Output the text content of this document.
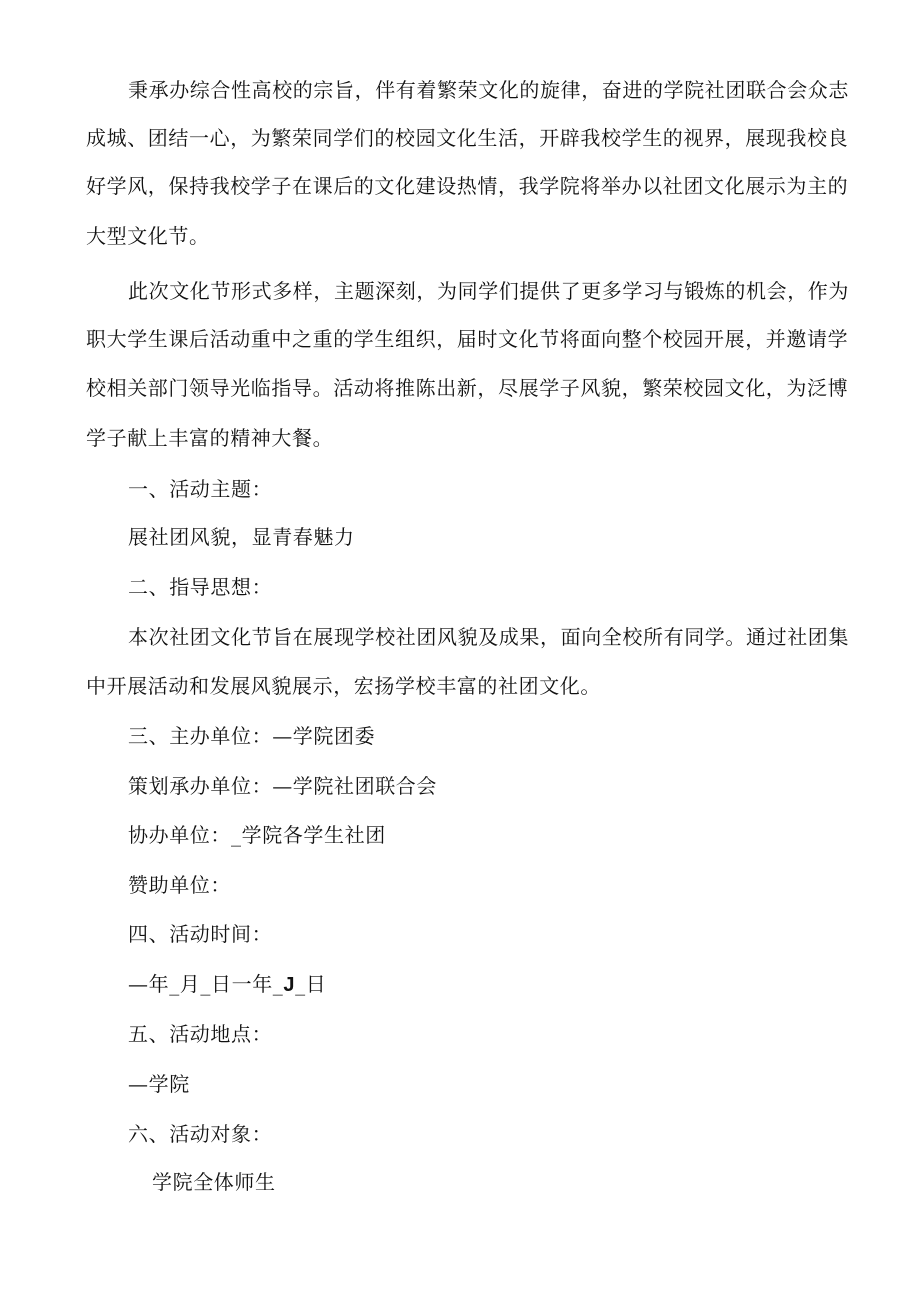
秉承办综合性高校的宗旨，伴有着繁荣文化的旋律，奋进的学院社团联合会众志
成城、团结一心，为繁荣同学们的校园文化生活，开辟我校学生的视界，展现我校良
好学风，保持我校学子在课后的文化建设热情，我学院将举办以社团文化展示为主的
大型文化节。
此次文化节形式多样，主题深刻，为同学们提供了更多学习与锻炼的机会，作为
职大学生课后活动重中之重的学生组织，届时文化节将面向整个校园开展，并邀请学
校相关部门领导光临指导。活动将推陈出新，尽展学子风貌，繁荣校园文化，为泛博
学子献上丰富的精神大餐。
一、活动主题：
展社团风貌，显青春魅力
二、指导思想：
本次社团文化节旨在展现学校社团风貌及成果，面向全校所有同学。通过社团集
中开展活动和发展风貌展示，宏扬学校丰富的社团文化。
三、主办单位：—学院团委
策划承办单位：—学院社团联合会
协办单位：_学院各学生社团
赞助单位：
四、活动时间：
—年_月_日一年_J_日
五、活动地点：
—学院
六、活动对象：
学院全体师生
